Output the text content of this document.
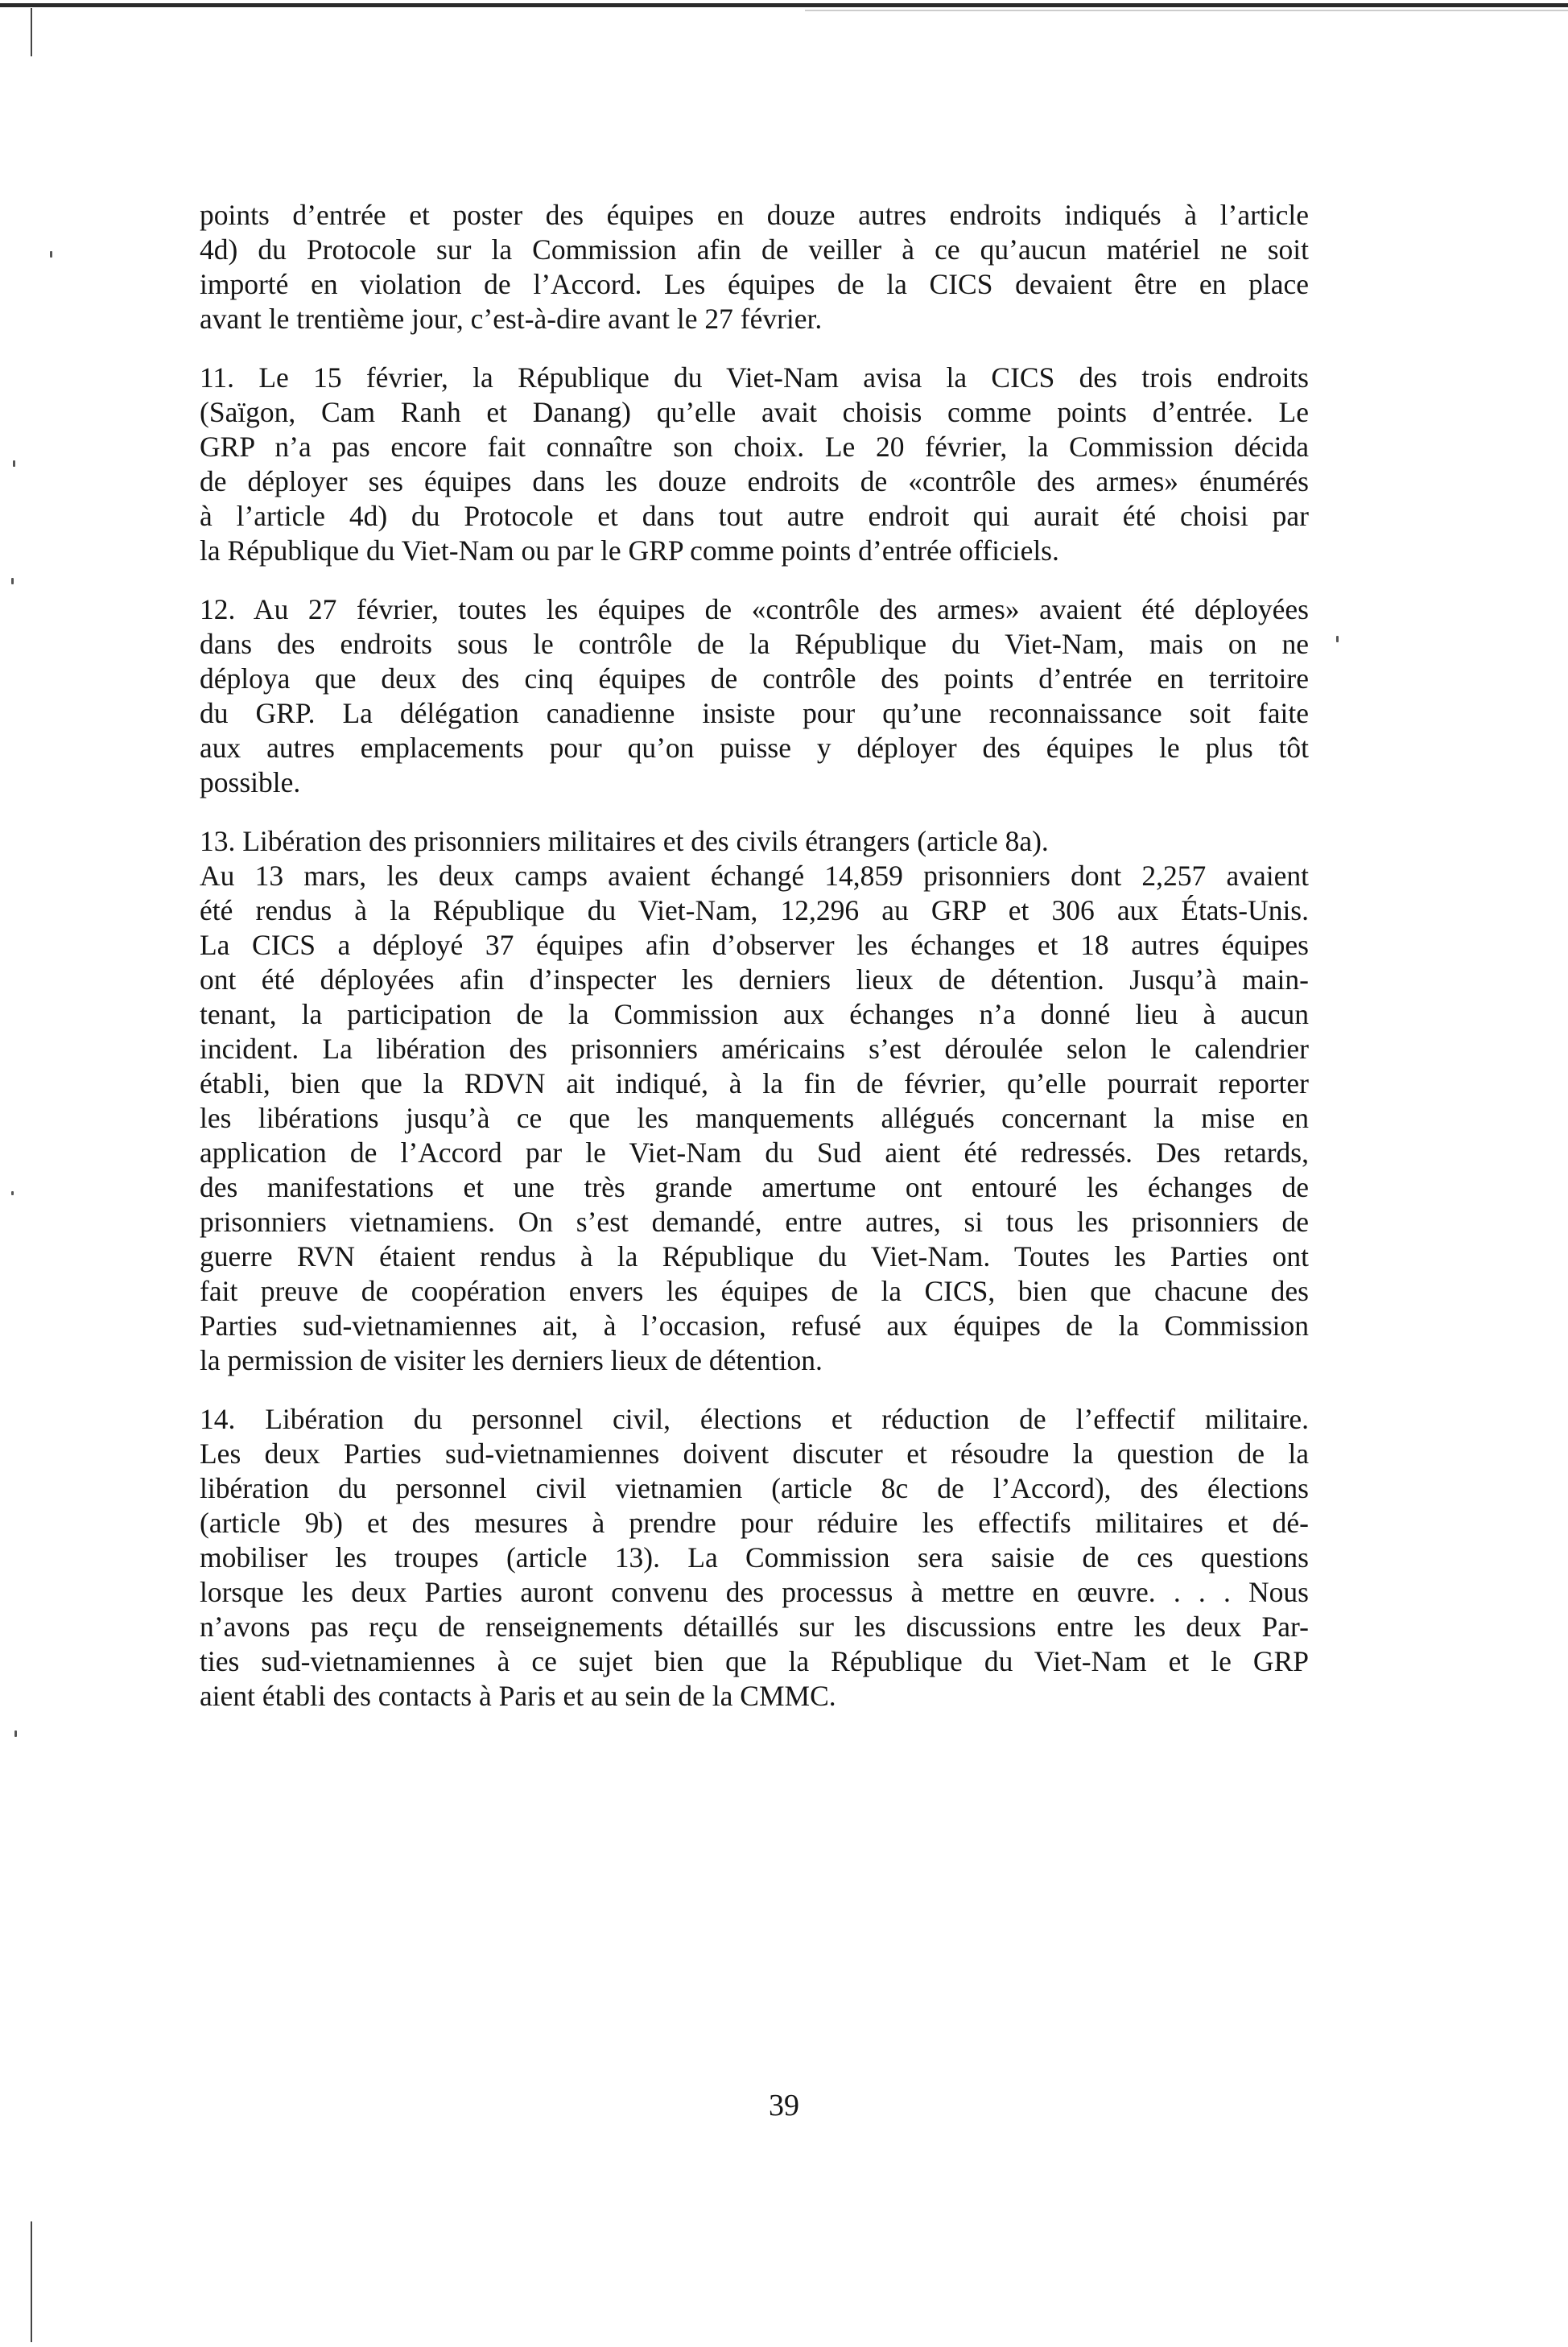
points d’entrée et poster des équipes en douze autres endroits indiqués à l’article
4d) du Protocole sur la Commission afin de veiller à ce qu’aucun matériel ne soit
importé en violation de l’Accord. Les équipes de la CICS devaient être en place
avant le trentième jour, c’est-à-dire avant le 27 février.

11. Le 15 février, la République du Viet-Nam avisa la CICS des trois endroits
(Saïgon, Cam Ranh et Danang) qu’elle avait choisis comme points d’entrée. Le
GRP n’a pas encore fait connaître son choix. Le 20 février, la Commission décida
de déployer ses équipes dans les douze endroits de «contrôle des armes» énumérés
à l’article 4d) du Protocole et dans tout autre endroit qui aurait été choisi par
la République du Viet-Nam ou par le GRP comme points d’entrée officiels.

12. Au 27 février, toutes les équipes de «contrôle des armes» avaient été déployées
dans des endroits sous le contrôle de la République du Viet-Nam, mais on ne
déploya que deux des cinq équipes de contrôle des points d’entrée en territoire
du GRP. La délégation canadienne insiste pour qu’une reconnaissance soit faite
aux autres emplacements pour qu’on puisse y déployer des équipes le plus tôt
possible.

13. Libération des prisonniers militaires et des civils étrangers (article 8a).
Au 13 mars, les deux camps avaient échangé 14,859 prisonniers dont 2,257 avaient
été rendus à la République du Viet-Nam, 12,296 au GRP et 306 aux États-Unis.
La CICS a déployé 37 équipes afin d’observer les échanges et 18 autres équipes
ont été déployées afin d’inspecter les derniers lieux de détention. Jusqu’à main-
tenant, la participation de la Commission aux échanges n’a donné lieu à aucun
incident. La libération des prisonniers américains s’est déroulée selon le calendrier
établi, bien que la RDVN ait indiqué, à la fin de février, qu’elle pourrait reporter
les libérations jusqu’à ce que les manquements allégués concernant la mise en
application de l’Accord par le Viet-Nam du Sud aient été redressés. Des retards,
des manifestations et une très grande amertume ont entouré les échanges de
prisonniers vietnamiens. On s’est demandé, entre autres, si tous les prisonniers de
guerre RVN étaient rendus à la République du Viet-Nam. Toutes les Parties ont
fait preuve de coopération envers les équipes de la CICS, bien que chacune des
Parties sud-vietnamiennes ait, à l’occasion, refusé aux équipes de la Commission
la permission de visiter les derniers lieux de détention.

14. Libération du personnel civil, élections et réduction de l’effectif militaire.
Les deux Parties sud-vietnamiennes doivent discuter et résoudre la question de la
libération du personnel civil vietnamien (article 8c de l’Accord), des élections
(article 9b) et des mesures à prendre pour réduire les effectifs militaires et dé-
mobiliser les troupes (article 13). La Commission sera saisie de ces questions
lorsque les deux Parties auront convenu des processus à mettre en œuvre. . . . Nous
n’avons pas reçu de renseignements détaillés sur les discussions entre les deux Par-
ties sud-vietnamiennes à ce sujet bien que la République du Viet-Nam et le GRP
aient établi des contacts à Paris et au sein de la CMMC.

39
